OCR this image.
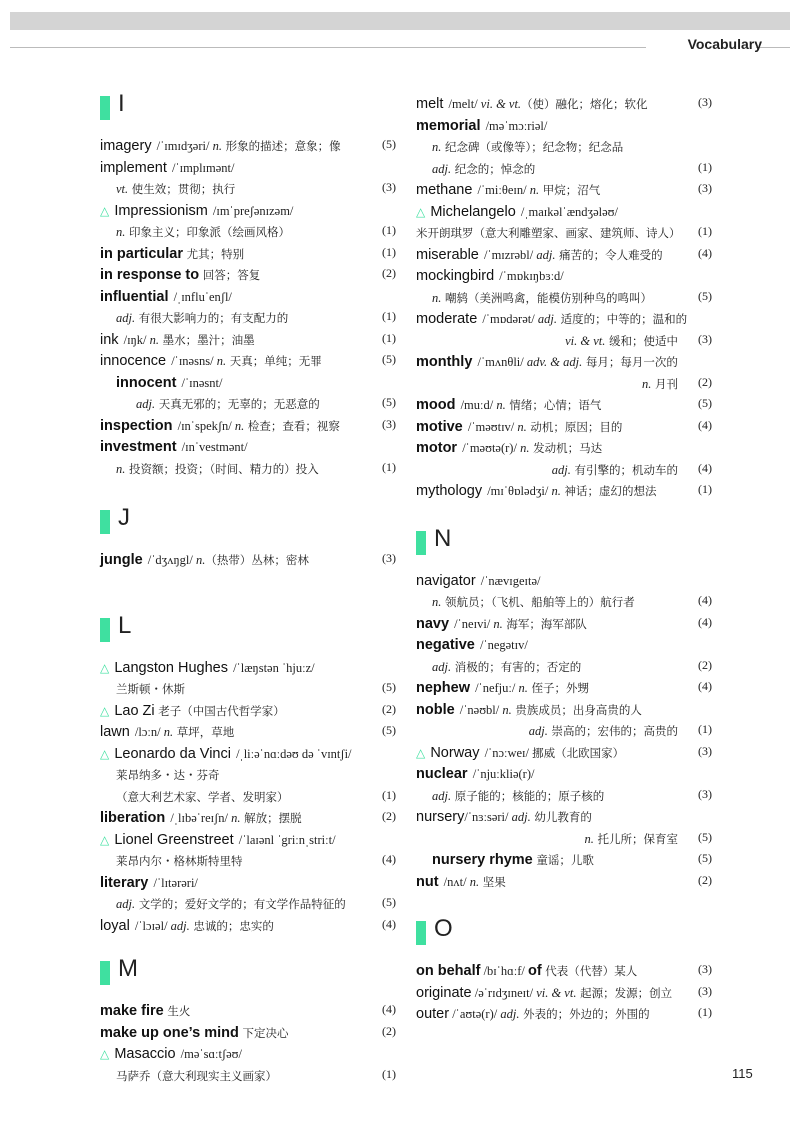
Vocabulary
I
imagery /ˈɪmɪdʒəri/ n. 形象的描述；意象；像	(5)
implement /ˈɪmplɪmənt/
vt. 使生效；贯彻；执行	(3)
△ Impressionism /ɪmˈpreʃənɪzəm/
n. 印象主义；印象派（绘画风格）	(1)
in particular 尤其；特别	(1)
in response to 回答；答复	(2)
influential /ˌɪnfluˈenʃl/
adj. 有很大影响力的；有支配力的	(1)
ink /ɪŋk/ n. 墨水；墨汁；油墨	(1)
innocence /ˈɪnəsns/ n. 天真；单纯；无罪	(5)
innocent /ˈɪnəsnt/
adj. 天真无邪的；无辜的；无恶意的	(5)
inspection /ɪnˈspekʃn/ n. 检查；查看；视察	(3)
investment /ɪnˈvestmənt/
n. 投资额；投资；（时间、精力的）投入	(1)
J
jungle /ˈdʒʌŋgl/ n.（热带）丛林；密林	(3)
L
△ Langston Hughes /ˈlæŋstən ˈhjuːz/
兰斯顿・休斯	(5)
△ Lao Zi 老子（中国古代哲学家）	(2)
lawn /lɔːn/ n. 草坪，草地	(5)
△ Leonardo da Vinci /ˌliːəˈnɑːdəʊ də ˈvɪntʃi/
莱昂纳多・达・芬奇
（意大利艺术家、学者、发明家）	(1)
liberation /ˌlɪbəˈreɪʃn/ n. 解放；摆脱	(2)
△ Lionel Greenstreet /ˈlaɪənl ˈgriːnˌstriːt/
莱昂内尔・格林斯特里特	(4)
literary /ˈlɪtərəri/
adj. 文学的；爱好文学的；有文学作品特征的	(5)
loyal /ˈlɔɪəl/ adj. 忠诚的；忠实的	(4)
M
make fire 生火	(4)
make up one’s mind 下定决心	(2)
△ Masaccio /məˈsɑːtʃəʊ/
马萨乔（意大利现实主义画家）	(1)
melt /melt/ vi. & vt.（使）融化；熔化；软化	(3)
memorial /məˈmɔːriəl/
n. 纪念碑（或像等）；纪念物；纪念品
adj. 纪念的；悼念的	(1)
methane /ˈmiːθeɪn/ n. 甲烷；沼气	(3)
△ Michelangelo /ˌmaɪkəlˈændʒələʊ/
米开朗琪罗（意大利雕塑家、画家、建筑师、诗人） (1)
miserable /ˈmɪzrəbl/ adj. 痛苦的；令人难受的	(4)
mockingbird /ˈmɒkɪŋbɜːd/
n. 嘲鸫（美洲鸣禽，能模仿别种鸟的鸣叫）	(5)
moderate /ˈmɒdərət/ adj. 适度的；中等的；温和的
vi. & vt. 缓和；使适中 (3)
monthly /ˈmʌnθli/ adv. & adj. 每月；每月一次的
n. 月刊 (2)
mood /muːd/ n. 情绪；心情；语气	(5)
motive /ˈməʊtɪv/ n. 动机；原因；目的	(4)
motor /ˈməʊtə(r)/ n. 发动机；马达
adj. 有引擎的；机动车的 (4)
mythology /mɪˈθɒlədʒi/ n. 神话；虚幻的想法	(1)
N
navigator /ˈnævɪgeɪtə/
n. 领航员；（飞机、船舶等上的）航行者	(4)
navy /ˈneɪvi/ n. 海军；海军部队	(4)
negative /ˈnegətɪv/
adj. 消极的；有害的；否定的	(2)
nephew /ˈnefjuː/ n. 侄子；外甥	(4)
noble /ˈnəʊbl/ n. 贵族成员；出身高贵的人
adj. 崇高的；宏伟的；高贵的 (1)
△ Norway /ˈnɔːweɪ/ 挪威（北欧国家）	(3)
nuclear /ˈnjuːkliə(r)/
adj. 原子能的；核能的；原子核的	(3)
nursery/ˈnɜːsəri/ adj. 幼儿教育的
n. 托儿所；保育室 (5)
nursery rhyme 童谣；儿歌	(5)
nut /nʌt/ n. 坚果	(2)
O
on behalf /bɪˈhɑːf/ of 代表（代替）某人	(3)
originate /əˈrɪdʒɪneɪt/ vi. & vt. 起源；发源；创立 (3)
outer /ˈaʊtə(r)/ adj. 外表的；外边的；外围的	(1)
115
